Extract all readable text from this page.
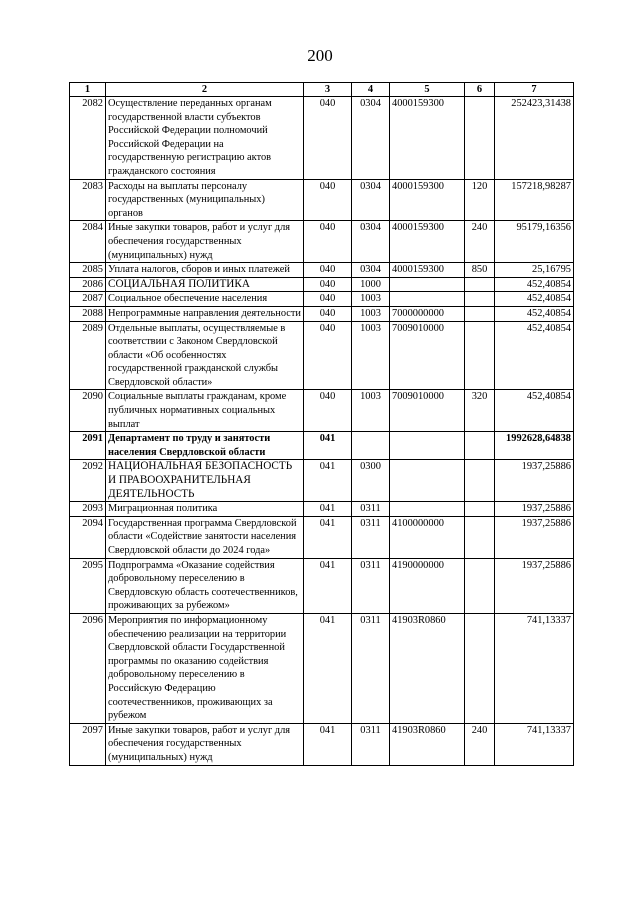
200
1	2	3	4	5	6	7
2082	Осуществление переданных органам государственной власти субъектов Российской Федерации полномочий Российской Федерации на государственную регистрацию актов гражданского состояния	040	0304	4000159300		252423,31438
2083	Расходы на выплаты персоналу государственных (муниципальных) органов	040	0304	4000159300	120	157218,98287
2084	Иные закупки товаров, работ и услуг для обеспечения государственных (муниципальных) нужд	040	0304	4000159300	240	95179,16356
2085	Уплата налогов, сборов и иных платежей	040	0304	4000159300	850	25,16795
2086	СОЦИАЛЬНАЯ ПОЛИТИКА	040	1000			452,40854
2087	Социальное обеспечение населения	040	1003			452,40854
2088	Непрограммные направления деятельности	040	1003	7000000000		452,40854
2089	Отдельные выплаты, осуществляемые в соответствии с Законом Свердловской области «Об особенностях государственной гражданской службы Свердловской области»	040	1003	7009010000		452,40854
2090	Социальные выплаты гражданам, кроме публичных нормативных социальных выплат	040	1003	7009010000	320	452,40854
2091	Департамент по труду и занятости населения Свердловской области	041				1992628,64838
2092	НАЦИОНАЛЬНАЯ БЕЗОПАСНОСТЬ И ПРАВООХРАНИТЕЛЬНАЯ ДЕЯТЕЛЬНОСТЬ	041	0300			1937,25886
2093	Миграционная политика	041	0311			1937,25886
2094	Государственная программа Свердловской области «Содействие занятости населения Свердловской области до 2024 года»	041	0311	4100000000		1937,25886
2095	Подпрограмма «Оказание содействия добровольному переселению в Свердловскую область соотечественников, проживающих за рубежом»	041	0311	4190000000		1937,25886
2096	Мероприятия по информационному обеспечению реализации на территории Свердловской области Государственной программы по оказанию содействия добровольному переселению в Российскую Федерацию соотечественников, проживающих за рубежом	041	0311	41903R0860		741,13337
2097	Иные закупки товаров, работ и услуг для обеспечения государственных (муниципальных) нужд	041	0311	41903R0860	240	741,13337
